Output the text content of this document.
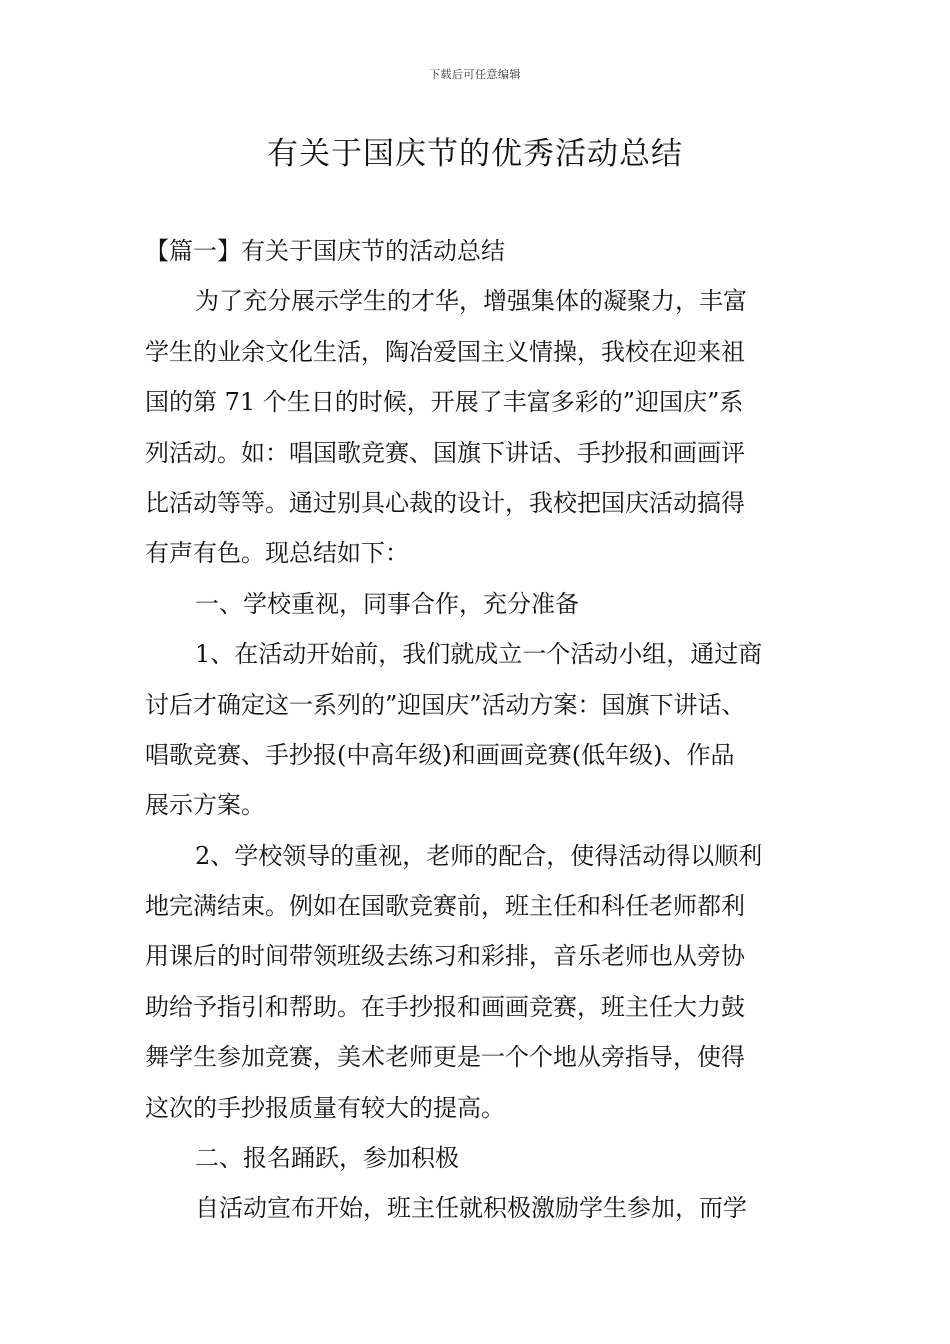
下载后可任意编辑
有关于国庆节的优秀活动总结
【篇一】有关于国庆节的活动总结
为了充分展示学生的才华，增强集体的凝聚力，丰富
学生的业余文化生活，陶冶爱国主义情操，我校在迎来祖
国的第 71 个生日的时候，开展了丰富多彩的”迎国庆”系
列活动。如：唱国歌竞赛、国旗下讲话、手抄报和画画评
比活动等等。通过别具心裁的设计，我校把国庆活动搞得
有声有色。现总结如下：
一、学校重视，同事合作，充分准备
1、在活动开始前，我们就成立一个活动小组，通过商
讨后才确定这一系列的”迎国庆”活动方案：国旗下讲话、
唱歌竞赛、手抄报(中高年级)和画画竞赛(低年级)、作品
展示方案。
2、学校领导的重视，老师的配合，使得活动得以顺利
地完满结束。例如在国歌竞赛前，班主任和科任老师都利
用课后的时间带领班级去练习和彩排，音乐老师也从旁协
助给予指引和帮助。在手抄报和画画竞赛，班主任大力鼓
舞学生参加竞赛，美术老师更是一个个地从旁指导，使得
这次的手抄报质量有较大的提高。
二、报名踊跃，参加积极
自活动宣布开始，班主任就积极激励学生参加，而学
